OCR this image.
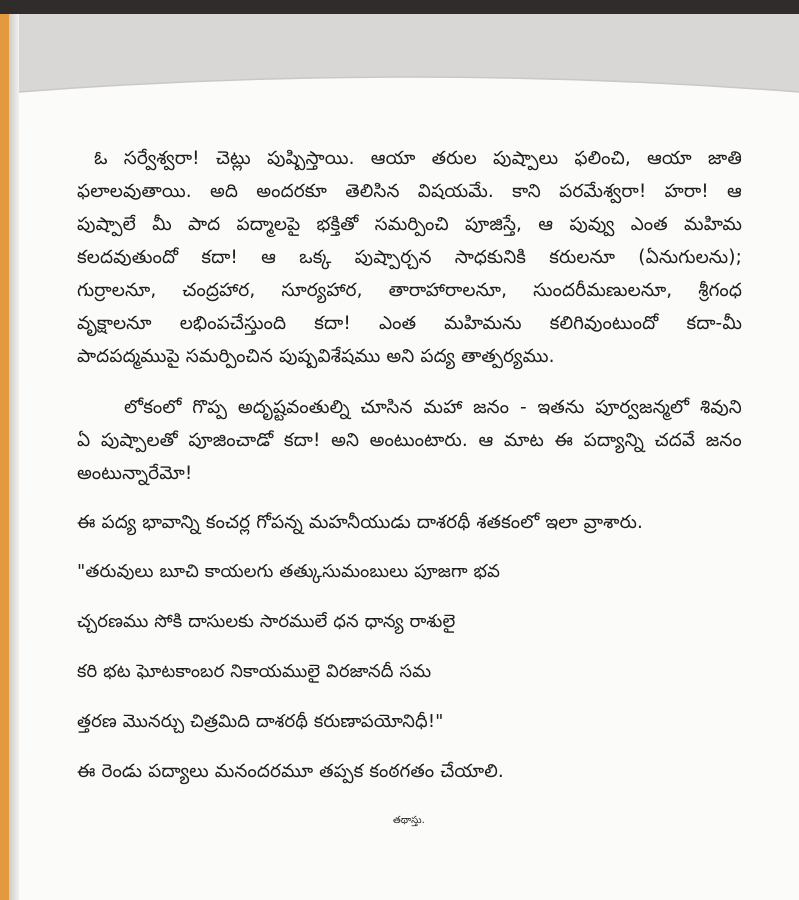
ఓ సర్వేశ్వరా! చెట్లు పుష్పిస్తాయి. ఆయా తరుల పుష్పాలు ఫలించి, ఆయా జాతి
ఫలాలవుతాయి. అది అందరకూ తెలిసిన విషయమే. కాని పరమేశ్వరా! హరా! ఆ
పుష్పాలే మీ పాద పద్మాలపై భక్తితో సమర్పించి పూజిస్తే, ఆ పువ్వు ఎంత మహిమ
కలదవుతుందో కదా! ఆ ఒక్క పుష్పార్చన సాధకునికి కరులనూ (ఏనుగులను);
గుర్రాలనూ, చంద్రహార, సూర్యహార, తారాహారాలనూ, సుందరీమణులనూ, శ్రీగంధ
వృక్షాలనూ లభింపచేస్తుంది కదా! ఎంత మహిమను కలిగివుంటుందో కదా-మీ
పాదపద్మముపై సమర్పించిన పుష్పవిశేషము అని పద్య తాత్పర్యము.
లోకంలో గొప్ప అదృష్టవంతుల్ని చూసిన మహా జనం - ఇతను పూర్వజన్మలో శివుని
ఏ పుష్పాలతో పూజించాడో కదా! అని అంటుంటారు. ఆ మాట ఈ పద్యాన్ని చదవే జనం
అంటున్నారేమో!
ఈ పద్య భావాన్ని కంచర్ల గోపన్న మహనీయుడు దాశరథీ శతకంలో ఇలా వ్రాశారు.
"తరువులు బూచి కాయలగు తత్కుసుమంబులు పూజగా భవ
చ్చరణము సోకి దాసులకు సారములే ధన ధాన్య రాశులై
కరి భట ఘోటకాంబర నికాయములై విరజానదీ సమ
త్తరణ మొనర్చు చిత్రమిది దాశరథీ కరుణాపయోనిధీ!"
ఈ రెండు పద్యాలు మనందరమూ తప్పక కంఠగతం చేయాలి.
తథాస్తు.
